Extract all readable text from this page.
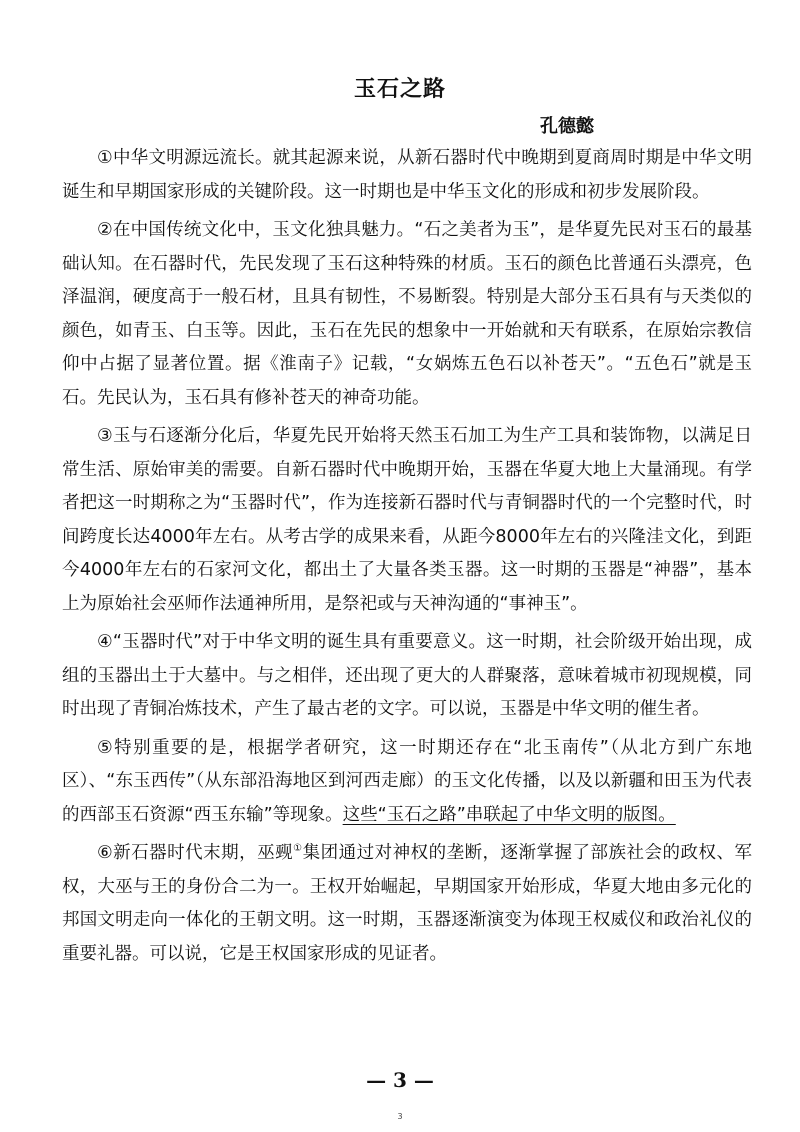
玉石之路
孔德懿

①中华文明源远流长。就其起源来说，从新石器时代中晚期到夏商周时期是中华文明诞生和早期国家形成的关键阶段。这一时期也是中华玉文化的形成和初步发展阶段。

②在中国传统文化中，玉文化独具魅力。“石之美者为玉”，是华夏先民对玉石的最基础认知。在石器时代，先民发现了玉石这种特殊的材质。玉石的颜色比普通石头漂亮，色泽温润，硬度高于一般石材，且具有韧性，不易断裂。特别是大部分玉石具有与天类似的颜色，如青玉、白玉等。因此，玉石在先民的想象中一开始就和天有联系，在原始宗教信仰中占据了显著位置。据《淮南子》记载，“女娲炼五色石以补苍天”。“五色石”就是玉石。先民认为，玉石具有修补苍天的神奇功能。

③玉与石逐渐分化后，华夏先民开始将天然玉石加工为生产工具和装饰物，以满足日常生活、原始审美的需要。自新石器时代中晚期开始，玉器在华夏大地上大量涌现。有学者把这一时期称之为“玉器时代”，作为连接新石器时代与青铜器时代的一个完整时代，时间跨度长达4000年左右。从考古学的成果来看，从距今8000年左右的兴隆洼文化，到距今4000年左右的石家河文化，都出土了大量各类玉器。这一时期的玉器是“神器”，基本上为原始社会巫师作法通神所用，是祭祀或与天神沟通的“事神玉”。

④“玉器时代”对于中华文明的诞生具有重要意义。这一时期，社会阶级开始出现，成组的玉器出土于大墓中。与之相伴，还出现了更大的人群聚落，意味着城市初现规模，同时出现了青铜冶炼技术，产生了最古老的文字。可以说，玉器是中华文明的催生者。

⑤特别重要的是，根据学者研究，这一时期还存在“北玉南传”（从北方到广东地区）、“东玉西传”（从东部沿海地区到河西走廊）的玉文化传播，以及以新疆和田玉为代表的西部玉石资源“西玉东输”等现象。这些“玉石之路”串联起了中华文明的版图。

⑥新石器时代末期，巫觋①集团通过对神权的垄断，逐渐掌握了部族社会的政权、军权，大巫与王的身份合二为一。王权开始崛起，早期国家开始形成，华夏大地由多元化的邦国文明走向一体化的王朝文明。这一时期，玉器逐渐演变为体现王权威仪和政治礼仪的重要礼器。可以说，它是王权国家形成的见证者。

— 3 —
3
